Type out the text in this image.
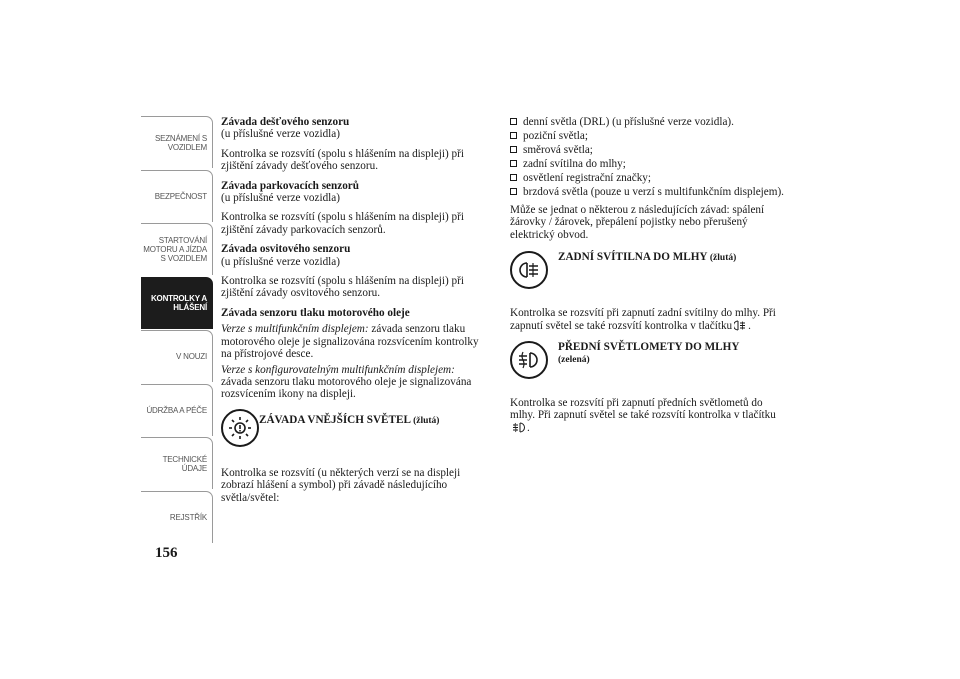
SEZNÁMENÍ S
VOZIDLEM
BEZPEČNOST
STARTOVÁNÍ
MOTORU A JÍZDA
S VOZIDLEM
KONTROLKY A
HLÁŠENÍ
V NOUZI
ÚDRŽBA A PÉČE
TECHNICKÉ
ÚDAJE
REJSTŘÍK
156

Závada dešťového senzoru

(u příslušné verze vozidla)

Kontrolka se rozsvítí (spolu s hlášením na displeji) při zjištění závady dešťového senzoru.

Závada parkovacích senzorů

(u příslušné verze vozidla)

Kontrolka se rozsvítí (spolu s hlášením na displeji) při zjištění závady parkovacích senzorů.

Závada osvitového senzoru

(u příslušné verze vozidla)

Kontrolka se rozsvítí (spolu s hlášením na displeji) při zjištění závady osvitového senzoru.

Závada senzoru tlaku motorového oleje

Verze s multifunkčním displejem: závada senzoru tlaku motorového oleje je signalizována rozsvícením kontrolky na přístrojové desce.

Verze s konfigurovatelným multifunkčním displejem:

závada senzoru tlaku motorového oleje je signalizována rozsvícením ikony na displeji.

ZÁVADA VNĚJŠÍCH SVĚTEL (žlutá)

Kontrolka se rozsvítí (u některých verzí se na displeji zobrazí hlášení a symbol) při závadě následujícího světla/světel:

denní světla (DRL) (u příslušné verze vozidla).
poziční světla;
směrová světla;
zadní svítilna do mlhy;
osvětlení registrační značky;
brzdová světla (pouze u verzí s multifunkčním displejem).

Může se jednat o některou z následujících závad: spálení žárovky / žárovek, přepálení pojistky nebo přerušený elektrický obvod.

ZADNÍ SVÍTILNA DO MLHY (žlutá)

Kontrolka se rozsvítí při zapnutí zadní svítilny do mlhy. Při zapnutí světel se také rozsvítí kontrolka v tlačítku .

PŘEDNÍ SVĚTLOMETY DO MLHY
(zelená)

Kontrolka se rozsvítí při zapnutí předních světlometů do mlhy. Při zapnutí světel se také rozsvítí kontrolka v tlačítku.
